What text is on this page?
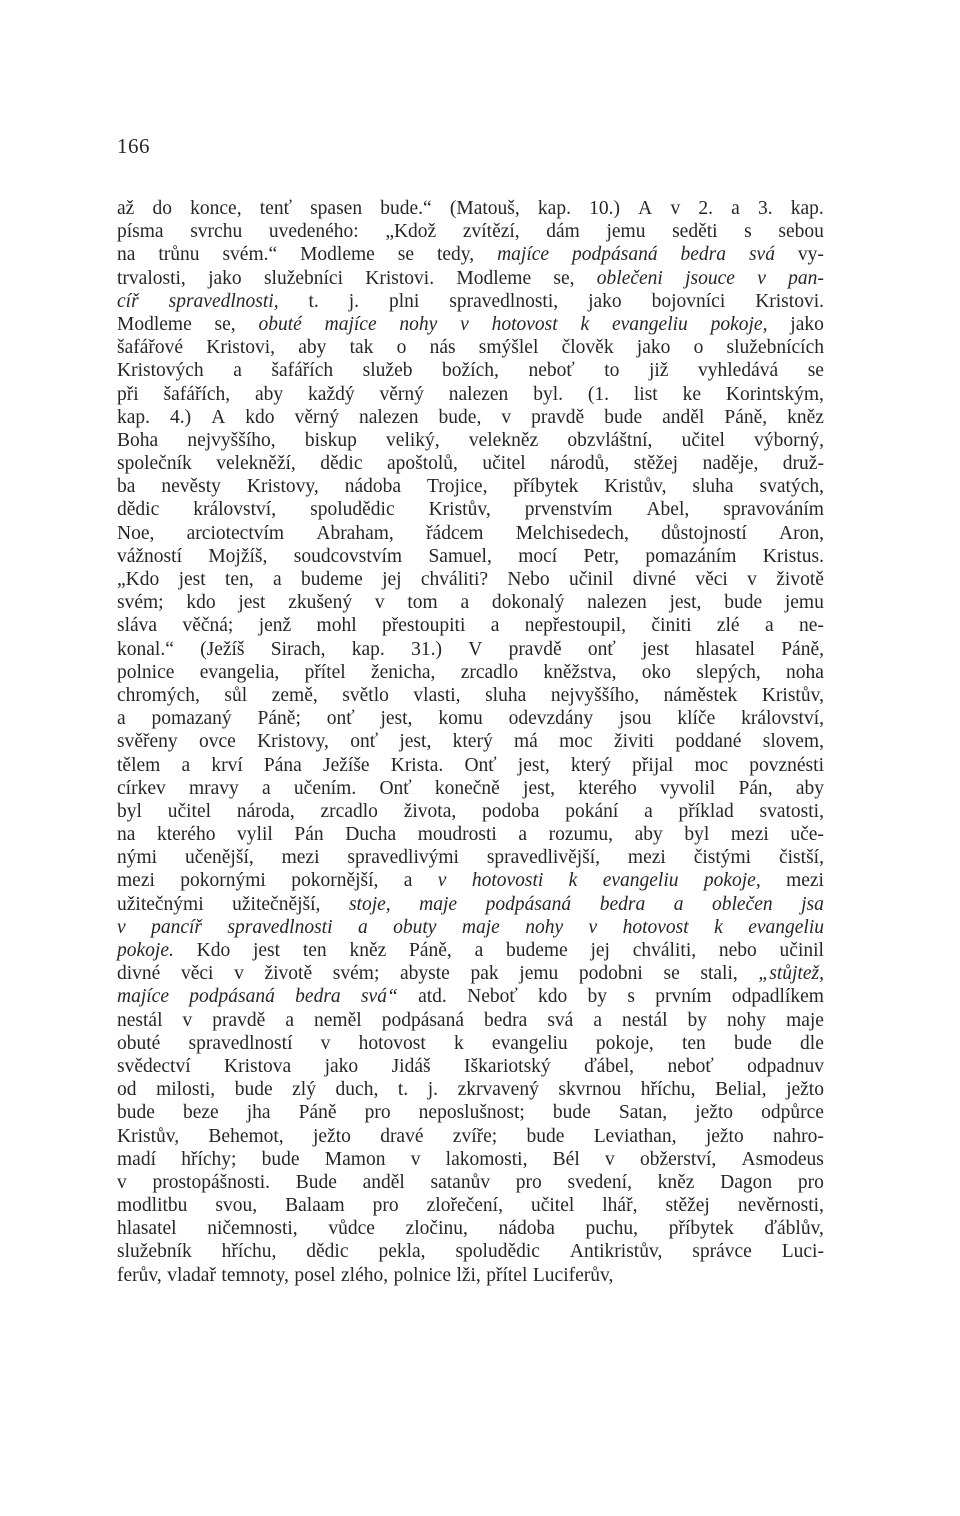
166
až do konce, tenť spasen bude.“ (Matouš, kap. 10.) A v 2. a 3. kap.
písma svrchu uvedeného: „Kdož zvítězí, dám jemu seděti s sebou
na trůnu svém.“ Modleme se tedy, majíce podpásaná bedra svá vy-
trvalosti, jako služebníci Kristovi. Modleme se, oblečeni jsouce v pan-
cíř spravedlnosti, t. j. plni spravedlnosti, jako bojovníci Kristovi.
Modleme se, obuté majíce nohy v hotovost k evangeliu pokoje, jako
šafářové Kristovi, aby tak o nás smýšlel člověk jako o služebnících
Kristových a šafářích služeb božích, neboť to již vyhledává se
při šafářích, aby každý věrný nalezen byl. (1. list ke Korintským,
kap. 4.) A kdo věrný nalezen bude, v pravdě bude anděl Páně, kněz
Boha nejvyššího, biskup veliký, velekněz obzvláštní, učitel výborný,
společník velekněží, dědic apoštolů, učitel národů, stěžej naděje, druž-
ba nevěsty Kristovy, nádoba Trojice, příbytek Kristův, sluha svatých,
dědic království, spoludědic Kristův, prvenstvím Abel, spravováním
Noe, arciotectvím Abraham, řádcem Melchisedech, důstojností Aron,
vážností Mojžíš, soudcovstvím Samuel, mocí Petr, pomazáním Kristus.
„Kdo jest ten, a budeme jej chváliti? Nebo učinil divné věci v životě
svém; kdo jest zkušený v tom a dokonalý nalezen jest, bude jemu
sláva věčná; jenž mohl přestoupiti a nepřestoupil, činiti zlé a ne-
konal.“ (Ježíš Sirach, kap. 31.) V pravdě onť jest hlasatel Páně,
polnice evangelia, přítel ženicha, zrcadlo kněžstva, oko slepých, noha
chromých, sůl země, světlo vlasti, sluha nejvyššího, náměstek Kristův,
a pomazaný Páně; onť jest, komu odevzdány jsou klíče království,
svěřeny ovce Kristovy, onť jest, který má moc živiti poddané slovem,
tělem a krví Pána Ježíše Krista. Onť jest, který přijal moc povznésti
církev mravy a učením. Onť konečně jest, kterého vyvolil Pán, aby
byl učitel národa, zrcadlo života, podoba pokání a příklad svatosti,
na kterého vylil Pán Ducha moudrosti a rozumu, aby byl mezi uče-
nými učenější, mezi spravedlivými spravedlivější, mezi čistými čistší,
mezi pokornými pokornější, a v hotovosti k evangeliu pokoje, mezi
užitečnými užitečnější, stoje, maje podpásaná bedra a oblečen jsa
v pancíř spravedlnosti a obuty maje nohy v hotovost k evangeliu
pokoje. Kdo jest ten kněz Páně, a budeme jej chváliti, nebo učinil
divné věci v životě svém; abyste pak jemu podobni se stali, „stůjtež,
majíce podpásaná bedra svá“ atd. Neboť kdo by s prvním odpadlíkem
nestál v pravdě a neměl podpásaná bedra svá a nestál by nohy maje
obuté spravedlností v hotovost k evangeliu pokoje, ten bude dle
svědectví Kristova jako Jidáš Iškariotský ďábel, neboť odpadnuv
od milosti, bude zlý duch, t. j. zkrvavený skvrnou hříchu, Belial, ježto
bude beze jha Páně pro neposlušnost; bude Satan, ježto odpůrce
Kristův, Behemot, ježto dravé zvíře; bude Leviathan, ježto nahro-
madí hříchy; bude Mamon v lakomosti, Bél v obžerství, Asmodeus
v prostopášnosti. Bude anděl satanův pro svedení, kněz Dagon pro
modlitbu svou, Balaam pro zlořečení, učitel lhář, stěžej nevěrnosti,
hlasatel ničemnosti, vůdce zločinu, nádoba puchu, příbytek ďáblův,
služebník hříchu, dědic pekla, spoludědic Antikristův, správce Luci-
ferův, vladař temnoty, posel zlého, polnice lži, přítel Luciferův,
